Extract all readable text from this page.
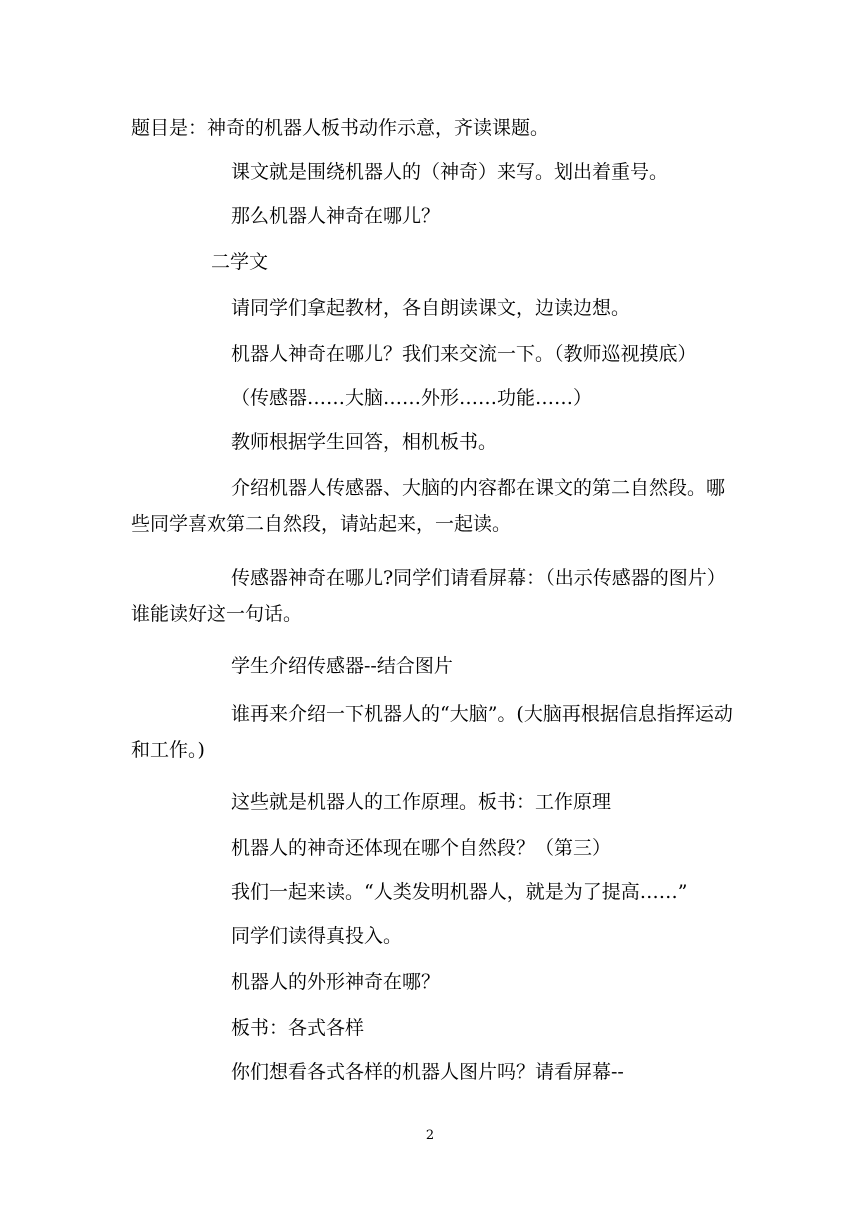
题目是：神奇的机器人板书动作示意，齐读课题。

课文就是围绕机器人的（神奇）来写。划出着重号。

那么机器人神奇在哪儿？

二学文

请同学们拿起教材，各自朗读课文，边读边想。

机器人神奇在哪儿？我们来交流一下。（教师巡视摸底）

（传感器……大脑……外形……功能……）

教师根据学生回答，相机板书。

介绍机器人传感器、大脑的内容都在课文的第二自然段。哪些同学喜欢第二自然段，请站起来，一起读。

传感器神奇在哪儿?同学们请看屏幕：（出示传感器的图片）谁能读好这一句话。

学生介绍传感器--结合图片

谁再来介绍一下机器人的“大脑”。(大脑再根据信息指挥运动和工作。)

这些就是机器人的工作原理。板书：工作原理

机器人的神奇还体现在哪个自然段？（第三）

我们一起来读。“人类发明机器人，就是为了提高……”

同学们读得真投入。

机器人的外形神奇在哪？

板书：各式各样

你们想看各式各样的机器人图片吗？请看屏幕--

2
